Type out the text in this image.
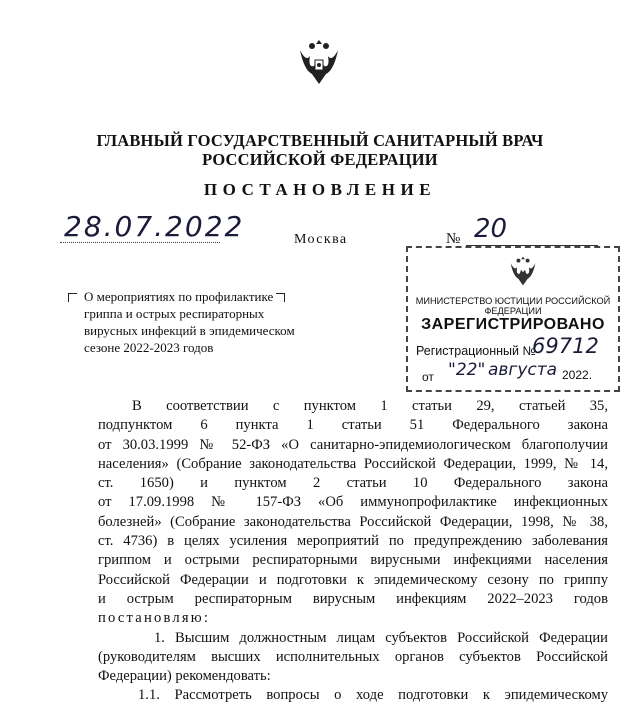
ГЛАВНЫЙ ГОСУДАРСТВЕННЫЙ САНИТАРНЫЙ ВРАЧ
РОССИЙСКОЙ ФЕДЕРАЦИИ
ПОСТАНОВЛЕНИЕ
28.07.2022	Москва	№ 20
МИНИСТЕРСТВО ЮСТИЦИИ РОССИЙСКОЙ ФЕДЕРАЦИИ
ЗАРЕГИСТРИРОВАНО
Регистрационный №
69712
от "22" августа 2022.
О мероприятиях по профилактике
гриппа и острых респираторных
вирусных инфекций в эпидемическом
сезоне 2022-2023 годов
В соответствии с пунктом 1 статьи 29, статьей 35,
подпунктом 6 пункта 1 статьи 51 Федерального закона
от 30.03.1999 № 52-ФЗ «О санитарно-эпидемиологическом благополучии
населения» (Собрание законодательства Российской Федерации, 1999, № 14,
ст. 1650) и пунктом 2 статьи 10 Федерального закона
от 17.09.1998 № 157-ФЗ «Об иммунопрофилактике инфекционных
болезней» (Собрание законодательства Российской Федерации, 1998, № 38,
ст. 4736) в целях усиления мероприятий по предупреждению заболевания
гриппом и острыми респираторными вирусными инфекциями населения
Российской Федерации и подготовки к эпидемическому сезону по гриппу
и острым респираторным вирусным инфекциям 2022–2023 годов
постановляю:
1. Высшим должностным лицам субъектов Российской Федерации
(руководителям высших исполнительных органов субъектов Российской
Федерации) рекомендовать:
1.1. Рассмотреть вопросы о ходе подготовки к эпидемическому
